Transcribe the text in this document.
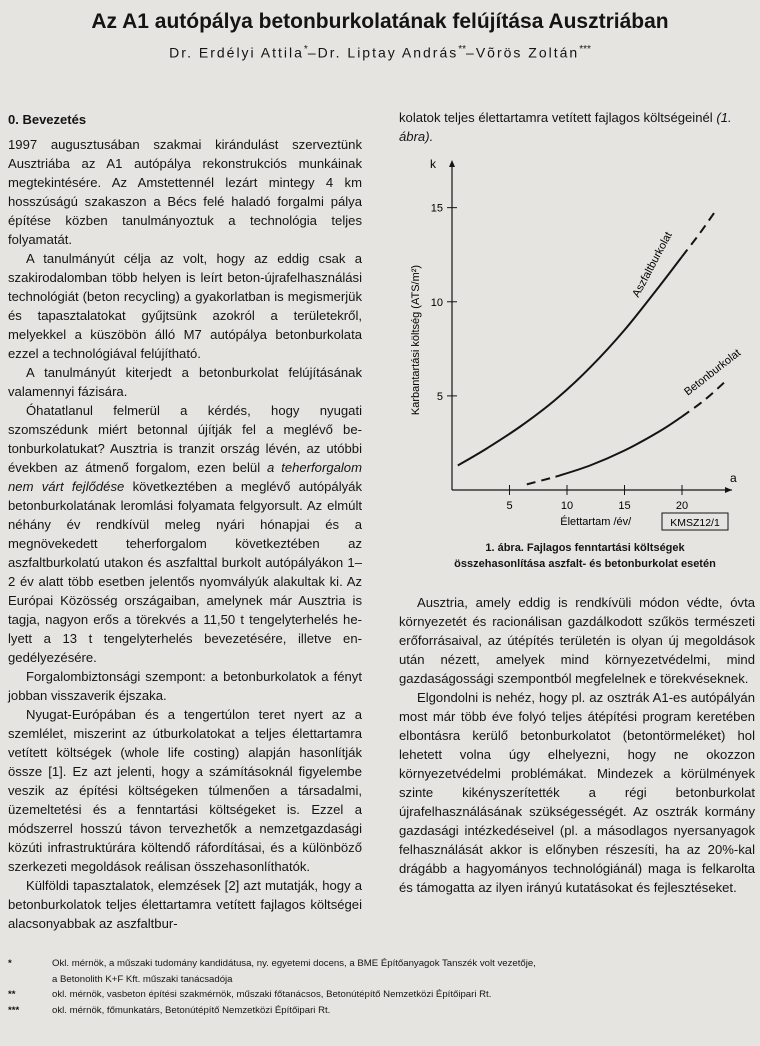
Az A1 autópálya betonburkolatának felújítása Ausztriában
Dr. Erdélyi Attila*–Dr. Liptay András**–Võrös Zoltán***
0. Bevezetés

1997 augusztusában szakmai kirándulást szerveztünk Ausztriába az A1 autópálya rekonstrukciós munkáinak megtekintésére. Az Amstettennél lezárt mintegy 4 km hosszúságú szakaszon a Bécs felé haladó forgalmi pálya építése közben tanulmányoztuk a technológia teljes folyamatát.

A tanulmányút célja az volt, hogy az eddig csak a szakirodalomban több helyen is leírt beton-újrafelhasználási technológiát (beton recycling) a gyakorlatban is megismerjük és tapasztalatokat gyűjtsünk azokról a területekről, melyekkel a küszöbön álló M7 autópálya betonburkolata ezzel a technológiával felújítható.

A tanulmányút kiterjedt a betonburkolat felújításának valamennyi fázisára.

Óhatatlanul felmerül a kérdés, hogy nyugati szomszédunk miért betonnal újítják fel a meglévő betonburkolatukat? Ausztria is tranzit ország lévén, az utóbbi években az átmenő forgalom, ezen belül a teherforgalom nem várt fejlődése következtében a meglévő autópályák betonburkolatának leromlási folyamata felgyorsult. Az elmúlt néhány év rendkívül meleg nyári hónapjai és a megnövekedett teherforgalom következtében az aszfaltburkolatú utakon és aszfalttal burkolt autópályákon 1–2 év alatt több esetben jelentős nyomvályúk alakultak ki. Az Európai Közösség országaiban, amelynek már Ausztria is tagja, nagyon erős a törekvés a 11,50 t tengelyterhelés helyett a 13 t tengelyterhelés bevezetésére, illetve engedélyezésére.

Forgalombiztonsági szempont: a betonburkolatok a fényt jobban visszaverik éjszaka.

Nyugat-Európában és a tengertúlon teret nyert az a szemlélet, miszerint az útburkolatokat a teljes élettartamra vetített költségek (whole life costing) alapján hasonlítják össze [1]. Ez azt jelenti, hogy a számításoknál figyelembe veszik az építési költségeken túlmenően a társadalmi, üzemeltetési és a fenntartási költségeket is. Ezzel a módszerrel hosszú távon tervezhetők a nemzetgazdasági közúti infrastruktúrára költendő ráfordításai, és a különböző szerkezeti megoldások reálisan összehasonlíthatók.

Külföldi tapasztalatok, elemzések [2] azt mutatják, hogy a betonburkolatok teljes élettartamra vetített fajlagos költségei alacsonyabbak az aszfaltbur-

kolatok teljes élettartamra vetített fajlagos költségeinél (1. ábra).

5	10	15	20
5
10
15
Aszfaltburkolat
Betonburkolat
k
a
Élettartam /év/
Karbantartási költség (ATS/m²)
KMSZ12/1
1. ábra. Fajlagos fenntartási költségek
összehasonlítása aszfalt- és betonburkolat esetén

Ausztria, amely eddig is rendkívüli módon védte, óvta környezetét és racionálisan gazdálkodott szűkös természeti erőforrásaival, az útépítés területén is olyan új megoldások után nézett, amelyek mind környezetvédelmi, mind gazdaságossági szempontból megfelelnek e törekvéseknek.

Elgondolni is nehéz, hogy pl. az osztrák A1-es autópályán most már több éve folyó teljes átépítési program keretében elbontásra kerülő betonburkolatot (betontörmeléket) hol lehetett volna úgy elhelyezni, hogy ne okozzon környezetvédelmi problémákat. Mindezek a körülmények szinte kikényszerítették a régi betonburkolat újrafelhasználásának szükségességét. Az osztrák kormány gazdasági intézkedéseivel (pl. a másodlagos nyersanyagok felhasználását akkor is előnyben részesíti, ha az 20%-kal drágább a hagyományos technológiánál) maga is felkarolta és támogatta az ilyen irányú kutatásokat és fejlesztéseket.

*	Okl. mérnök, a műszaki tudomány kandidátusa, ny. egyetemi docens, a BME Építőanyagok Tanszék volt vezetője,
a Betonolith K+F Kft. műszaki tanácsadója
**	okl. mérnök, vasbeton építési szakmérnök, műszaki főtanácsos, Betonútépítő Nemzetközi Építőipari Rt.
***	okl. mérnök, főmunkatárs, Betonútépítő Nemzetközi Építőipari Rt.
